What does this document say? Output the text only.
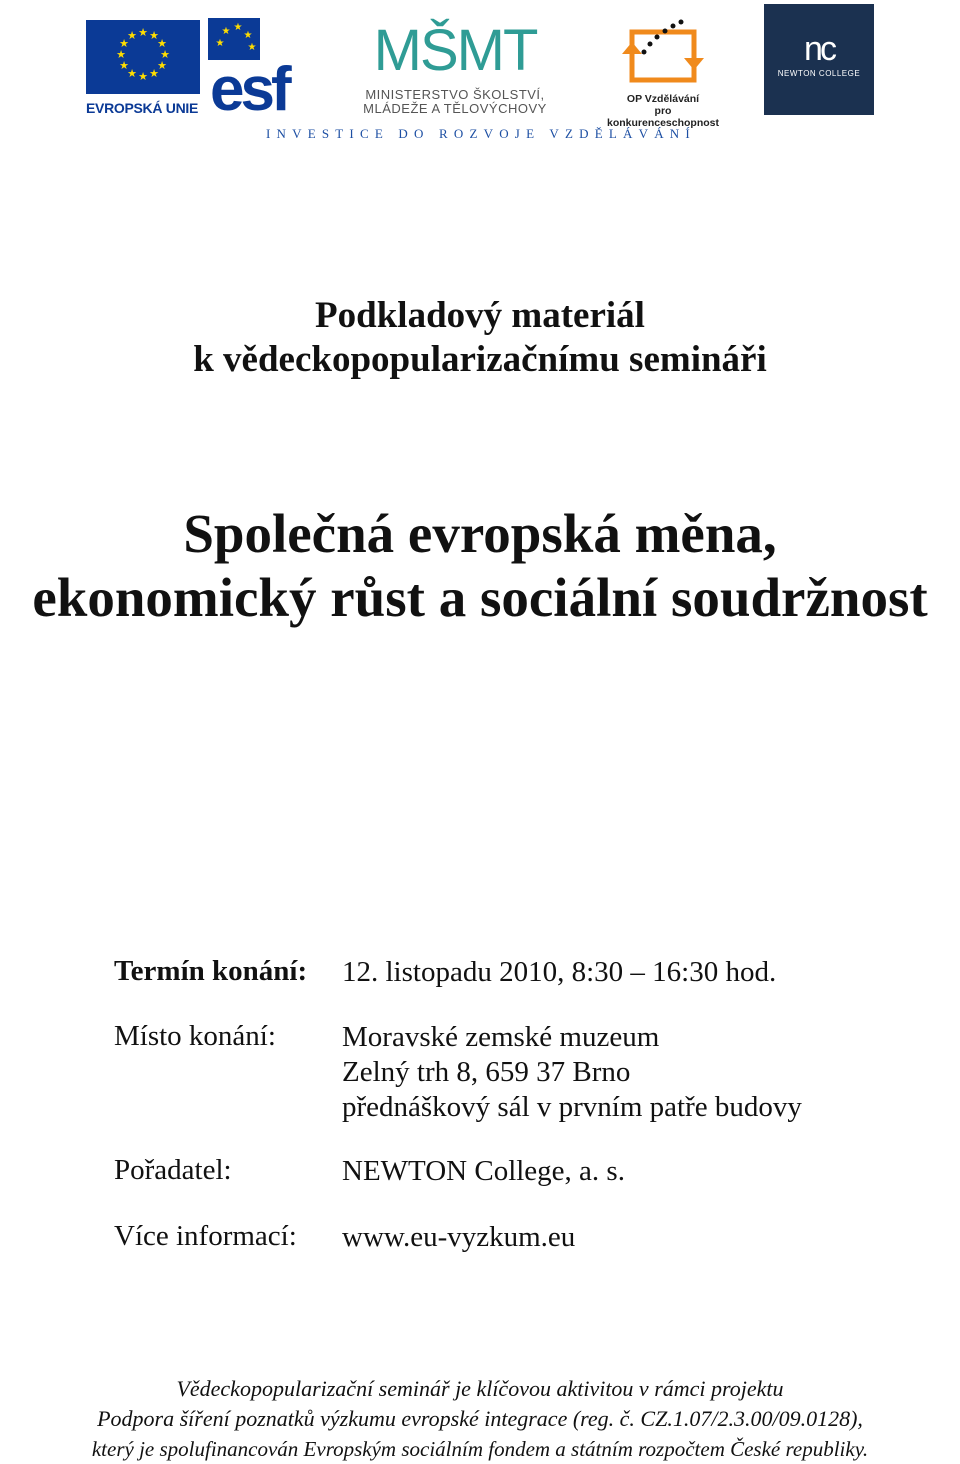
★ ★
★
★
★
★
★
★
★
★
★
★
EVROPSKÁ UNIE
★ ★
★
★ ★
esf
MŠMT
MINISTERSTVO ŠKOLSTVÍ,
MLÁDEŽE A TĚLOVÝCHOVY
OP Vzdělávání
pro konkurenceschopnost
nc
NEWTON COLLEGE
INVESTICE DO ROZVOJE VZDĚLÁVÁNÍ
Podkladový materiál
k vědeckopopularizačnímu semináři
Společná evropská měna,
ekonomický růst a sociální soudržnost
Termín konání: 12. listopadu 2010, 8:30 – 16:30 hod.
Místo konání: Moravské zemské muzeum
Zelný trh 8, 659 37 Brno
přednáškový sál v prvním patře budovy
Pořadatel:	NEWTON College, a. s.
Více informací: www.eu-vyzkum.eu
Vědeckopopularizační seminář je klíčovou aktivitou v rámci projektu
Podpora šíření poznatků výzkumu evropské integrace (reg. č. CZ.1.07/2.3.00/09.0128),
který je spolufinancován Evropským sociálním fondem a státním rozpočtem České republiky.
